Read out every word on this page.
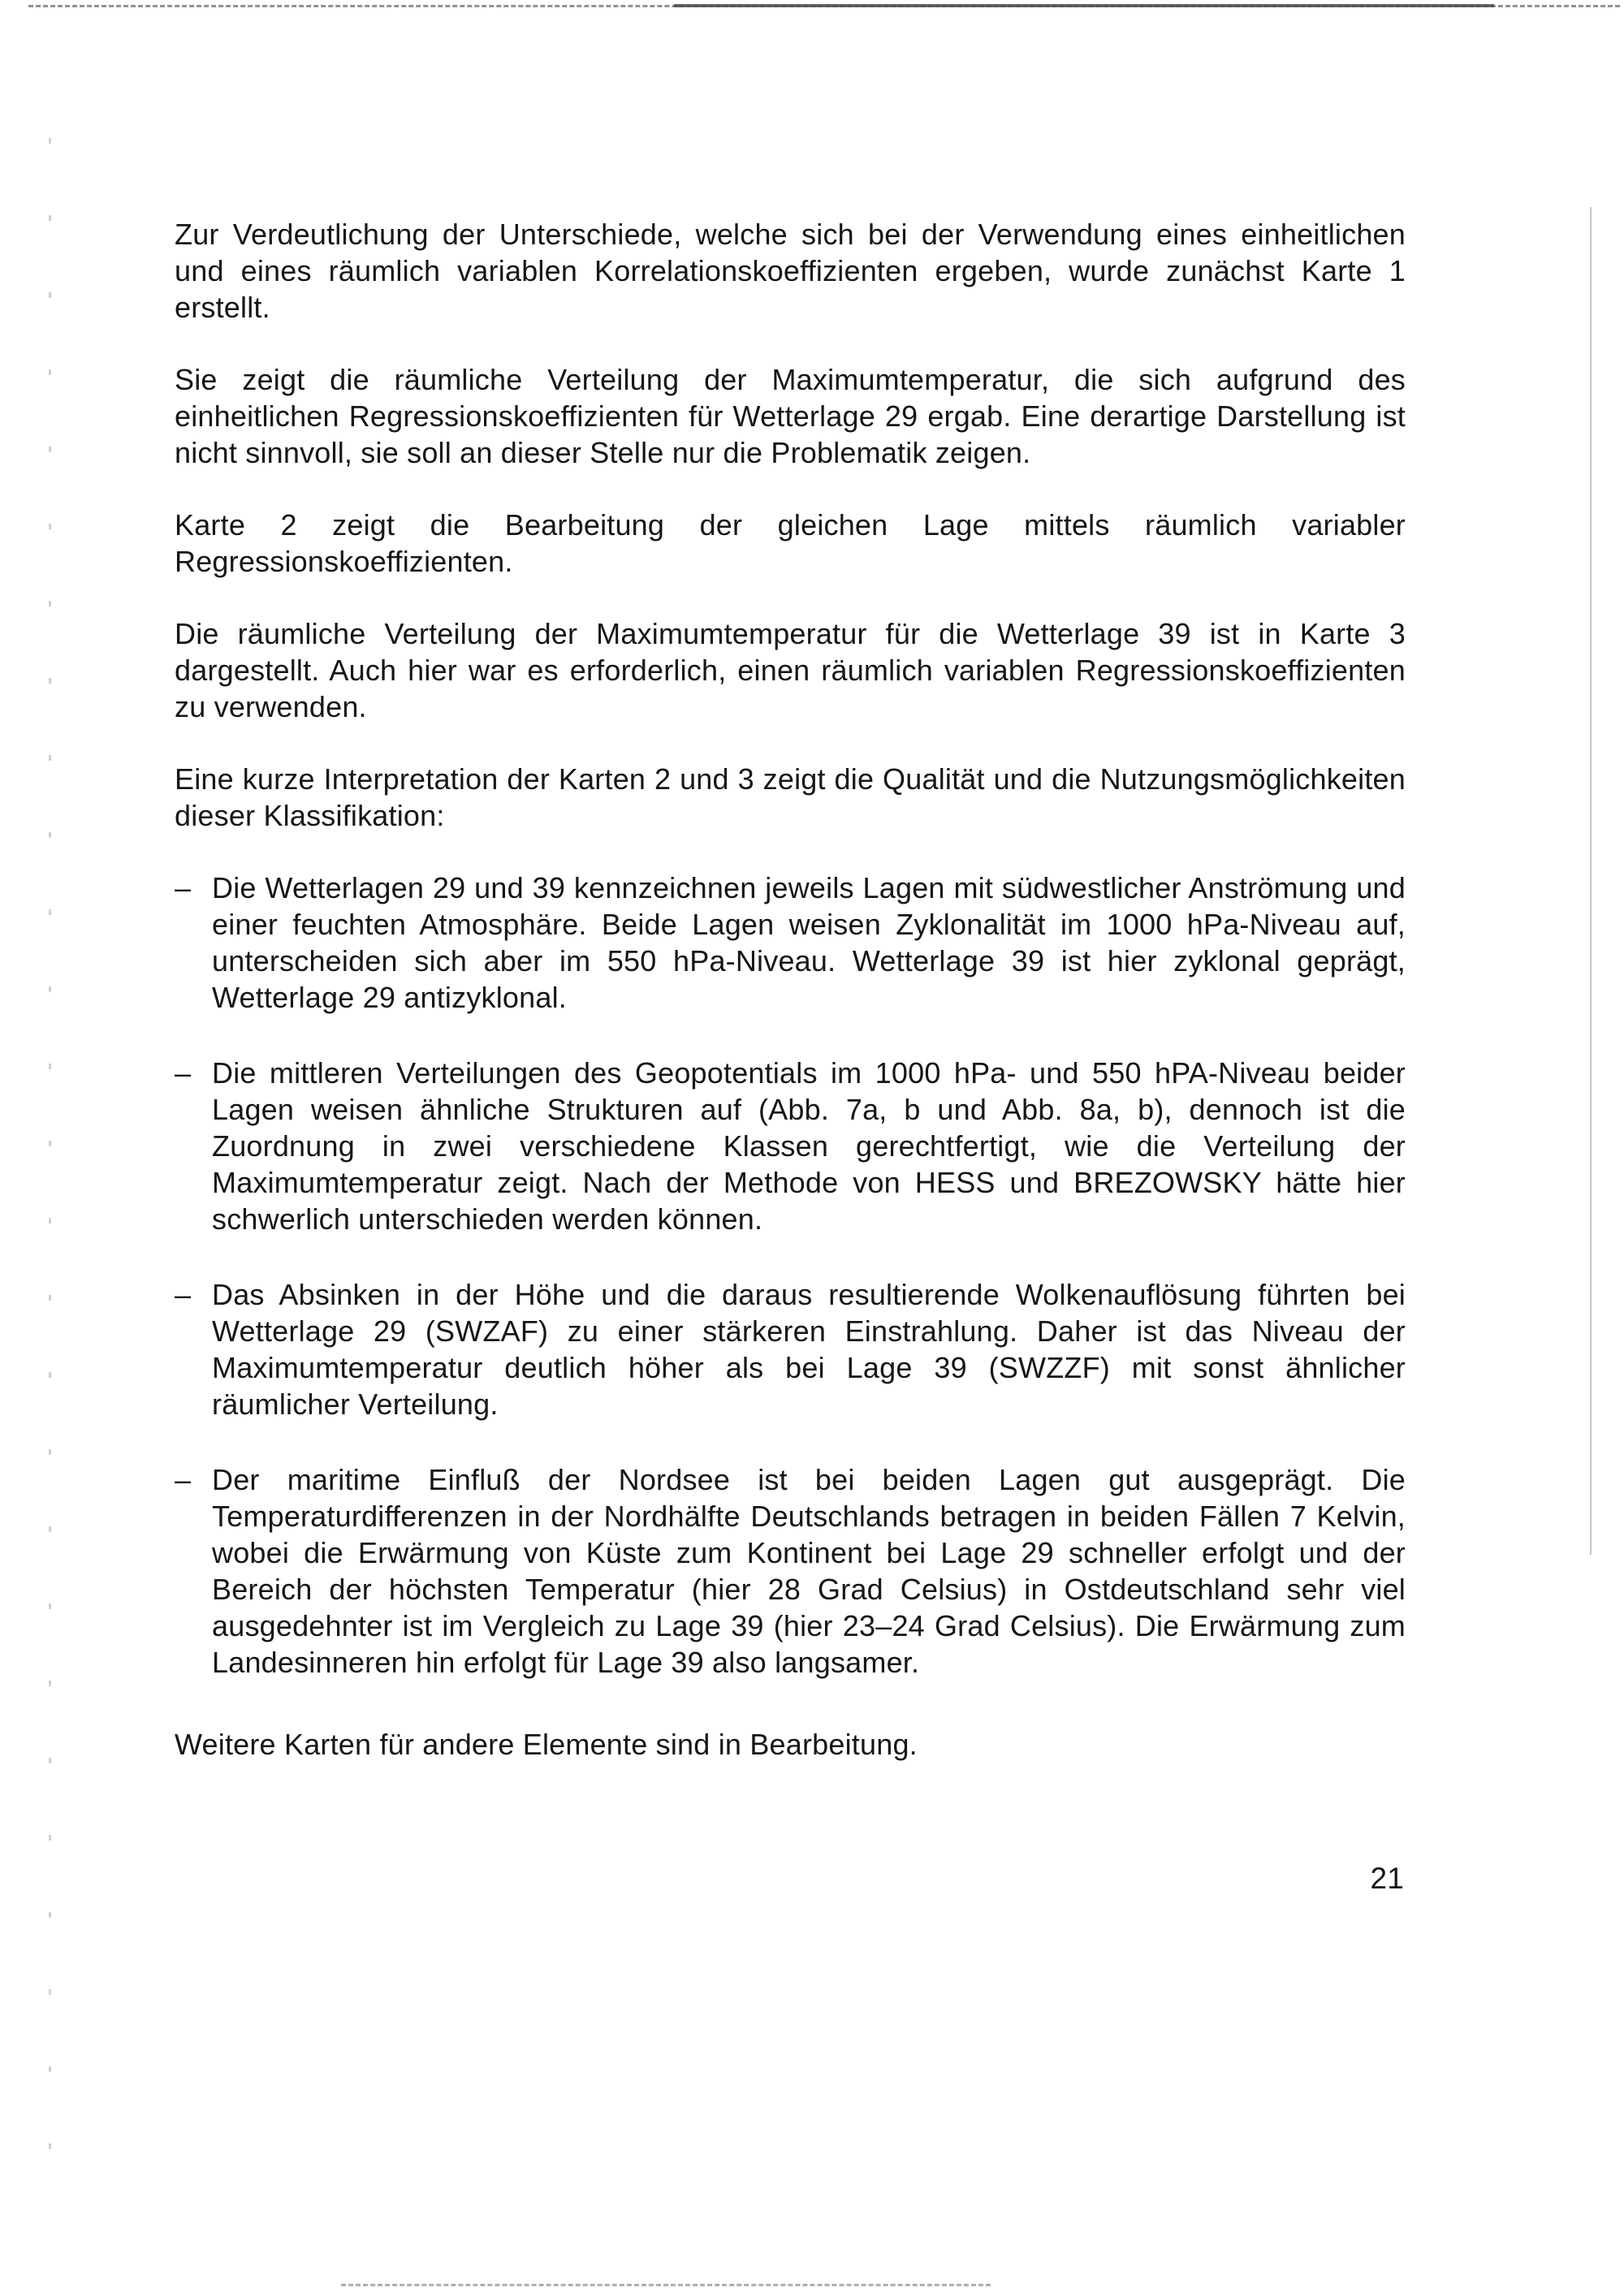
Zur Verdeutlichung der Unterschiede, welche sich bei der Verwendung eines einheitlichen und eines räumlich variablen Korrelationskoeffizienten ergeben, wurde zunächst Karte 1 erstellt.

Sie zeigt die räumliche Verteilung der Maximumtemperatur, die sich aufgrund des einheitlichen Regressionskoeffizienten für Wetterlage 29 ergab. Eine derartige Darstellung ist nicht sinnvoll, sie soll an dieser Stelle nur die Problematik zeigen.

Karte 2 zeigt die Bearbeitung der gleichen Lage mittels räumlich variabler Regressionskoeffizienten.

Die räumliche Verteilung der Maximumtemperatur für die Wetterlage 39 ist in Karte 3 dargestellt. Auch hier war es erforderlich, einen räumlich variablen Regressionskoeffizienten zu verwenden.

Eine kurze Interpretation der Karten 2 und 3 zeigt die Qualität und die Nutzungsmöglichkeiten dieser Klassifikation:

– Die Wetterlagen 29 und 39 kennzeichnen jeweils Lagen mit südwestlicher Anströmung und einer feuchten Atmosphäre. Beide Lagen weisen Zyklonalität im 1000 hPa-Niveau auf, unterscheiden sich aber im 550 hPa-Niveau. Wetterlage 39 ist hier zyklonal geprägt, Wetterlage 29 antizyklonal.
– Die mittleren Verteilungen des Geopotentials im 1000 hPa- und 550 hPA-Niveau beider Lagen weisen ähnliche Strukturen auf (Abb. 7a, b und Abb. 8a, b), dennoch ist die Zuordnung in zwei verschiedene Klassen gerechtfertigt, wie die Verteilung der Maximumtemperatur zeigt. Nach der Methode von HESS und BREZOWSKY hätte hier schwerlich unterschieden werden können.
– Das Absinken in der Höhe und die daraus resultierende Wolkenauflösung führten bei Wetterlage 29 (SWZAF) zu einer stärkeren Einstrahlung. Daher ist das Niveau der Maximumtemperatur deutlich höher als bei Lage 39 (SWZZF) mit sonst ähnlicher räumlicher Verteilung.
– Der maritime Einfluß der Nordsee ist bei beiden Lagen gut ausgeprägt. Die Temperaturdifferenzen in der Nordhälfte Deutschlands betragen in beiden Fällen 7 Kelvin, wobei die Erwärmung von Küste zum Kontinent bei Lage 29 schneller erfolgt und der Bereich der höchsten Temperatur (hier 28 Grad Celsius) in Ostdeutschland sehr viel ausgedehnter ist im Vergleich zu Lage 39 (hier 23–24 Grad Celsius). Die Erwärmung zum Landesinneren hin erfolgt für Lage 39 also langsamer.

Weitere Karten für andere Elemente sind in Bearbeitung.

21
